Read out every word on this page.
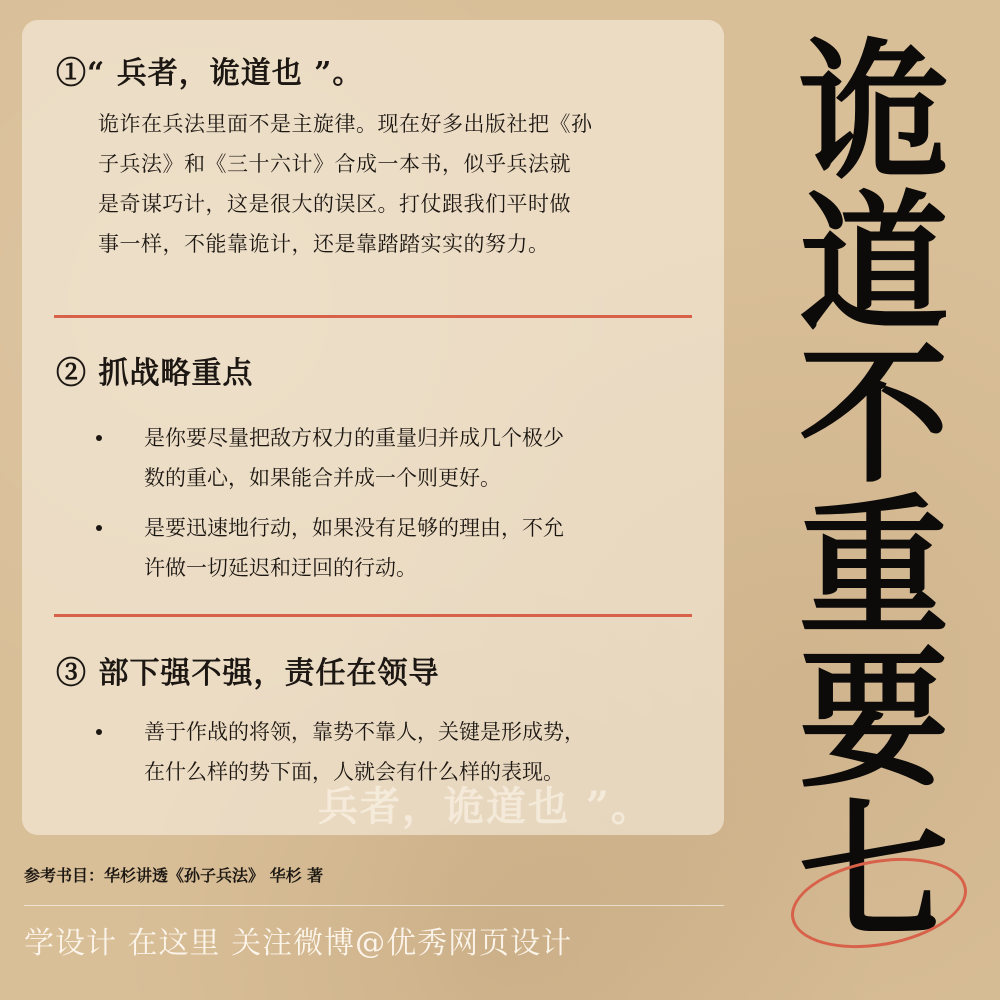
①“ 兵者，诡道也 ”。
诡诈在兵法里面不是主旋律。现在好多出版社把《孙
子兵法》和《三十六计》合成一本书，似乎兵法就
是奇谋巧计，这是很大的误区。打仗跟我们平时做
事一样，不能靠诡计，还是靠踏踏实实的努力。
② 抓战略重点
是你要尽量把敌方权力的重量归并成几个极少
数的重心，如果能合并成一个则更好。
是要迅速地行动，如果没有足够的理由，不允
许做一切延迟和迂回的行动。
③ 部下强不强，责任在领导
善于作战的将领，靠势不靠人，关键是形成势，
在什么样的势下面，人就会有什么样的表现。
兵者，诡道也 ”。
参考书目：华杉讲透《孙子兵法》 华杉 著
学设计 在这里 关注微博@优秀网页设计
诡
道
不
重
要
七
